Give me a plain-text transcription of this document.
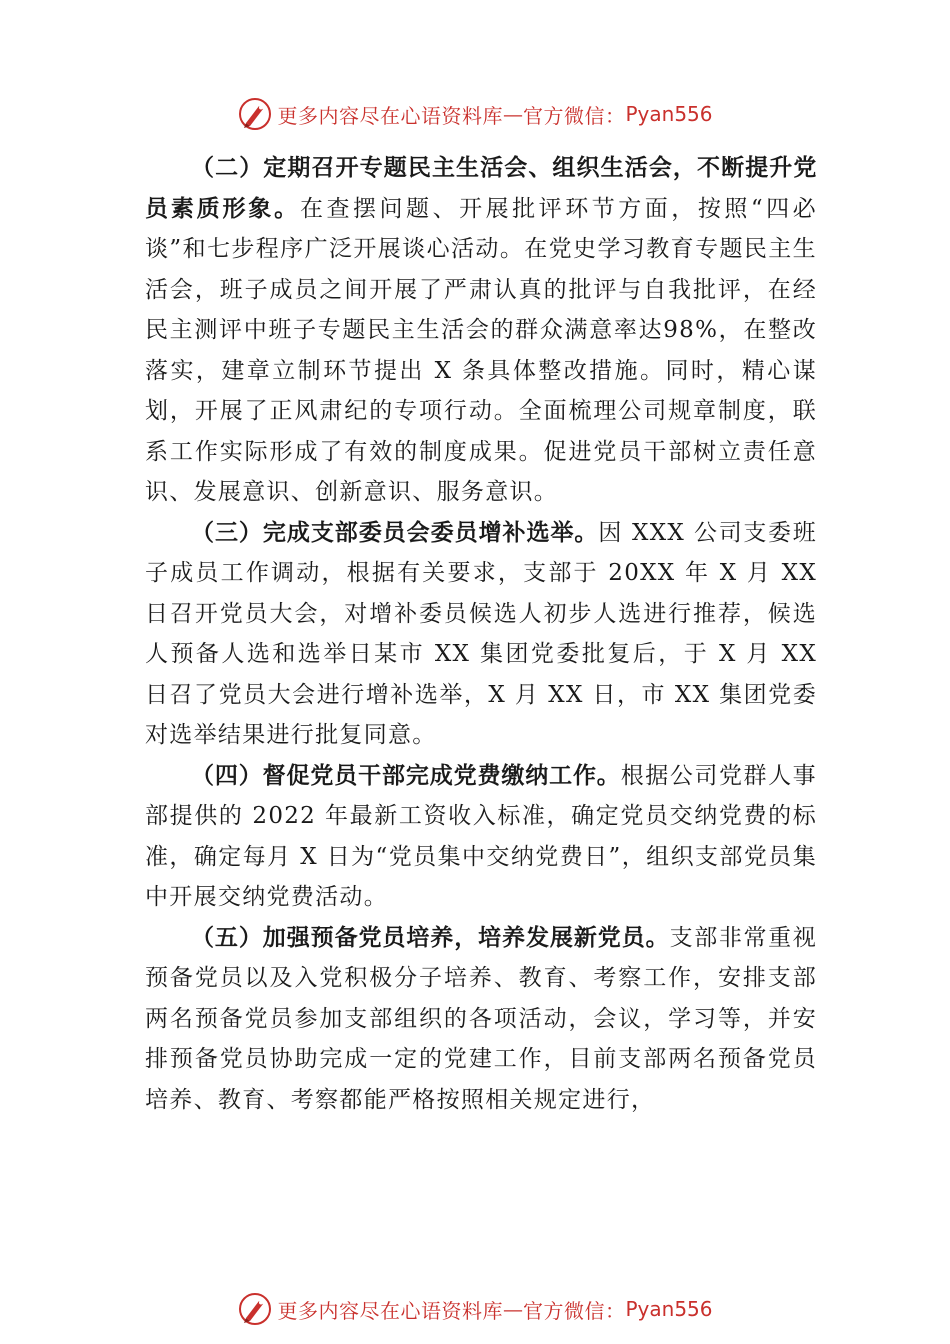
更多内容尽在心语资料库 — 官方微信： Pyan556

（二）定期召开专题民主生活会、组织生活会，不断提升党员素质形象。在查摆问题、开展批评环节方面，按照“四必谈”和七步程序广泛开展谈心活动。在党史学习教育专题民主生活会，班子成员之间开展了严肃认真的批评与自我批评，在经民主测评中班子专题民主生活会的群众满意率达98%，在整改落实，建章立制环节提出 X 条具体整改措施。同时，精心谋划，开展了正风肃纪的专项行动。全面梳理公司规章制度，联系工作实际形成了有效的制度成果。促进党员干部树立责任意识、发展意识、创新意识、服务意识。

（三）完成支部委员会委员增补选举。因 XXX 公司支委班子成员工作调动，根据有关要求，支部于 20XX 年 X 月 XX 日召开党员大会，对增补委员候选人初步人选进行推荐，候选人预备人选和选举日某市 XX 集团党委批复后，于 X 月 XX 日召了党员大会进行增补选举，X 月 XX 日，市 XX 集团党委对选举结果进行批复同意。

（四）督促党员干部完成党费缴纳工作。根据公司党群人事部提供的 2022 年最新工资收入标准，确定党员交纳党费的标准，确定每月 X 日为“党员集中交纳党费日”，组织支部党员集中开展交纳党费活动。

（五）加强预备党员培养，培养发展新党员。支部非常重视预备党员以及入党积极分子培养、教育、考察工作，安排支部两名预备党员参加支部组织的各项活动，会议，学习等，并安排预备党员协助完成一定的党建工作，目前支部两名预备党员培养、教育、考察都能严格按照相关规定进行，

更多内容尽在心语资料库 — 官方微信： Pyan556
